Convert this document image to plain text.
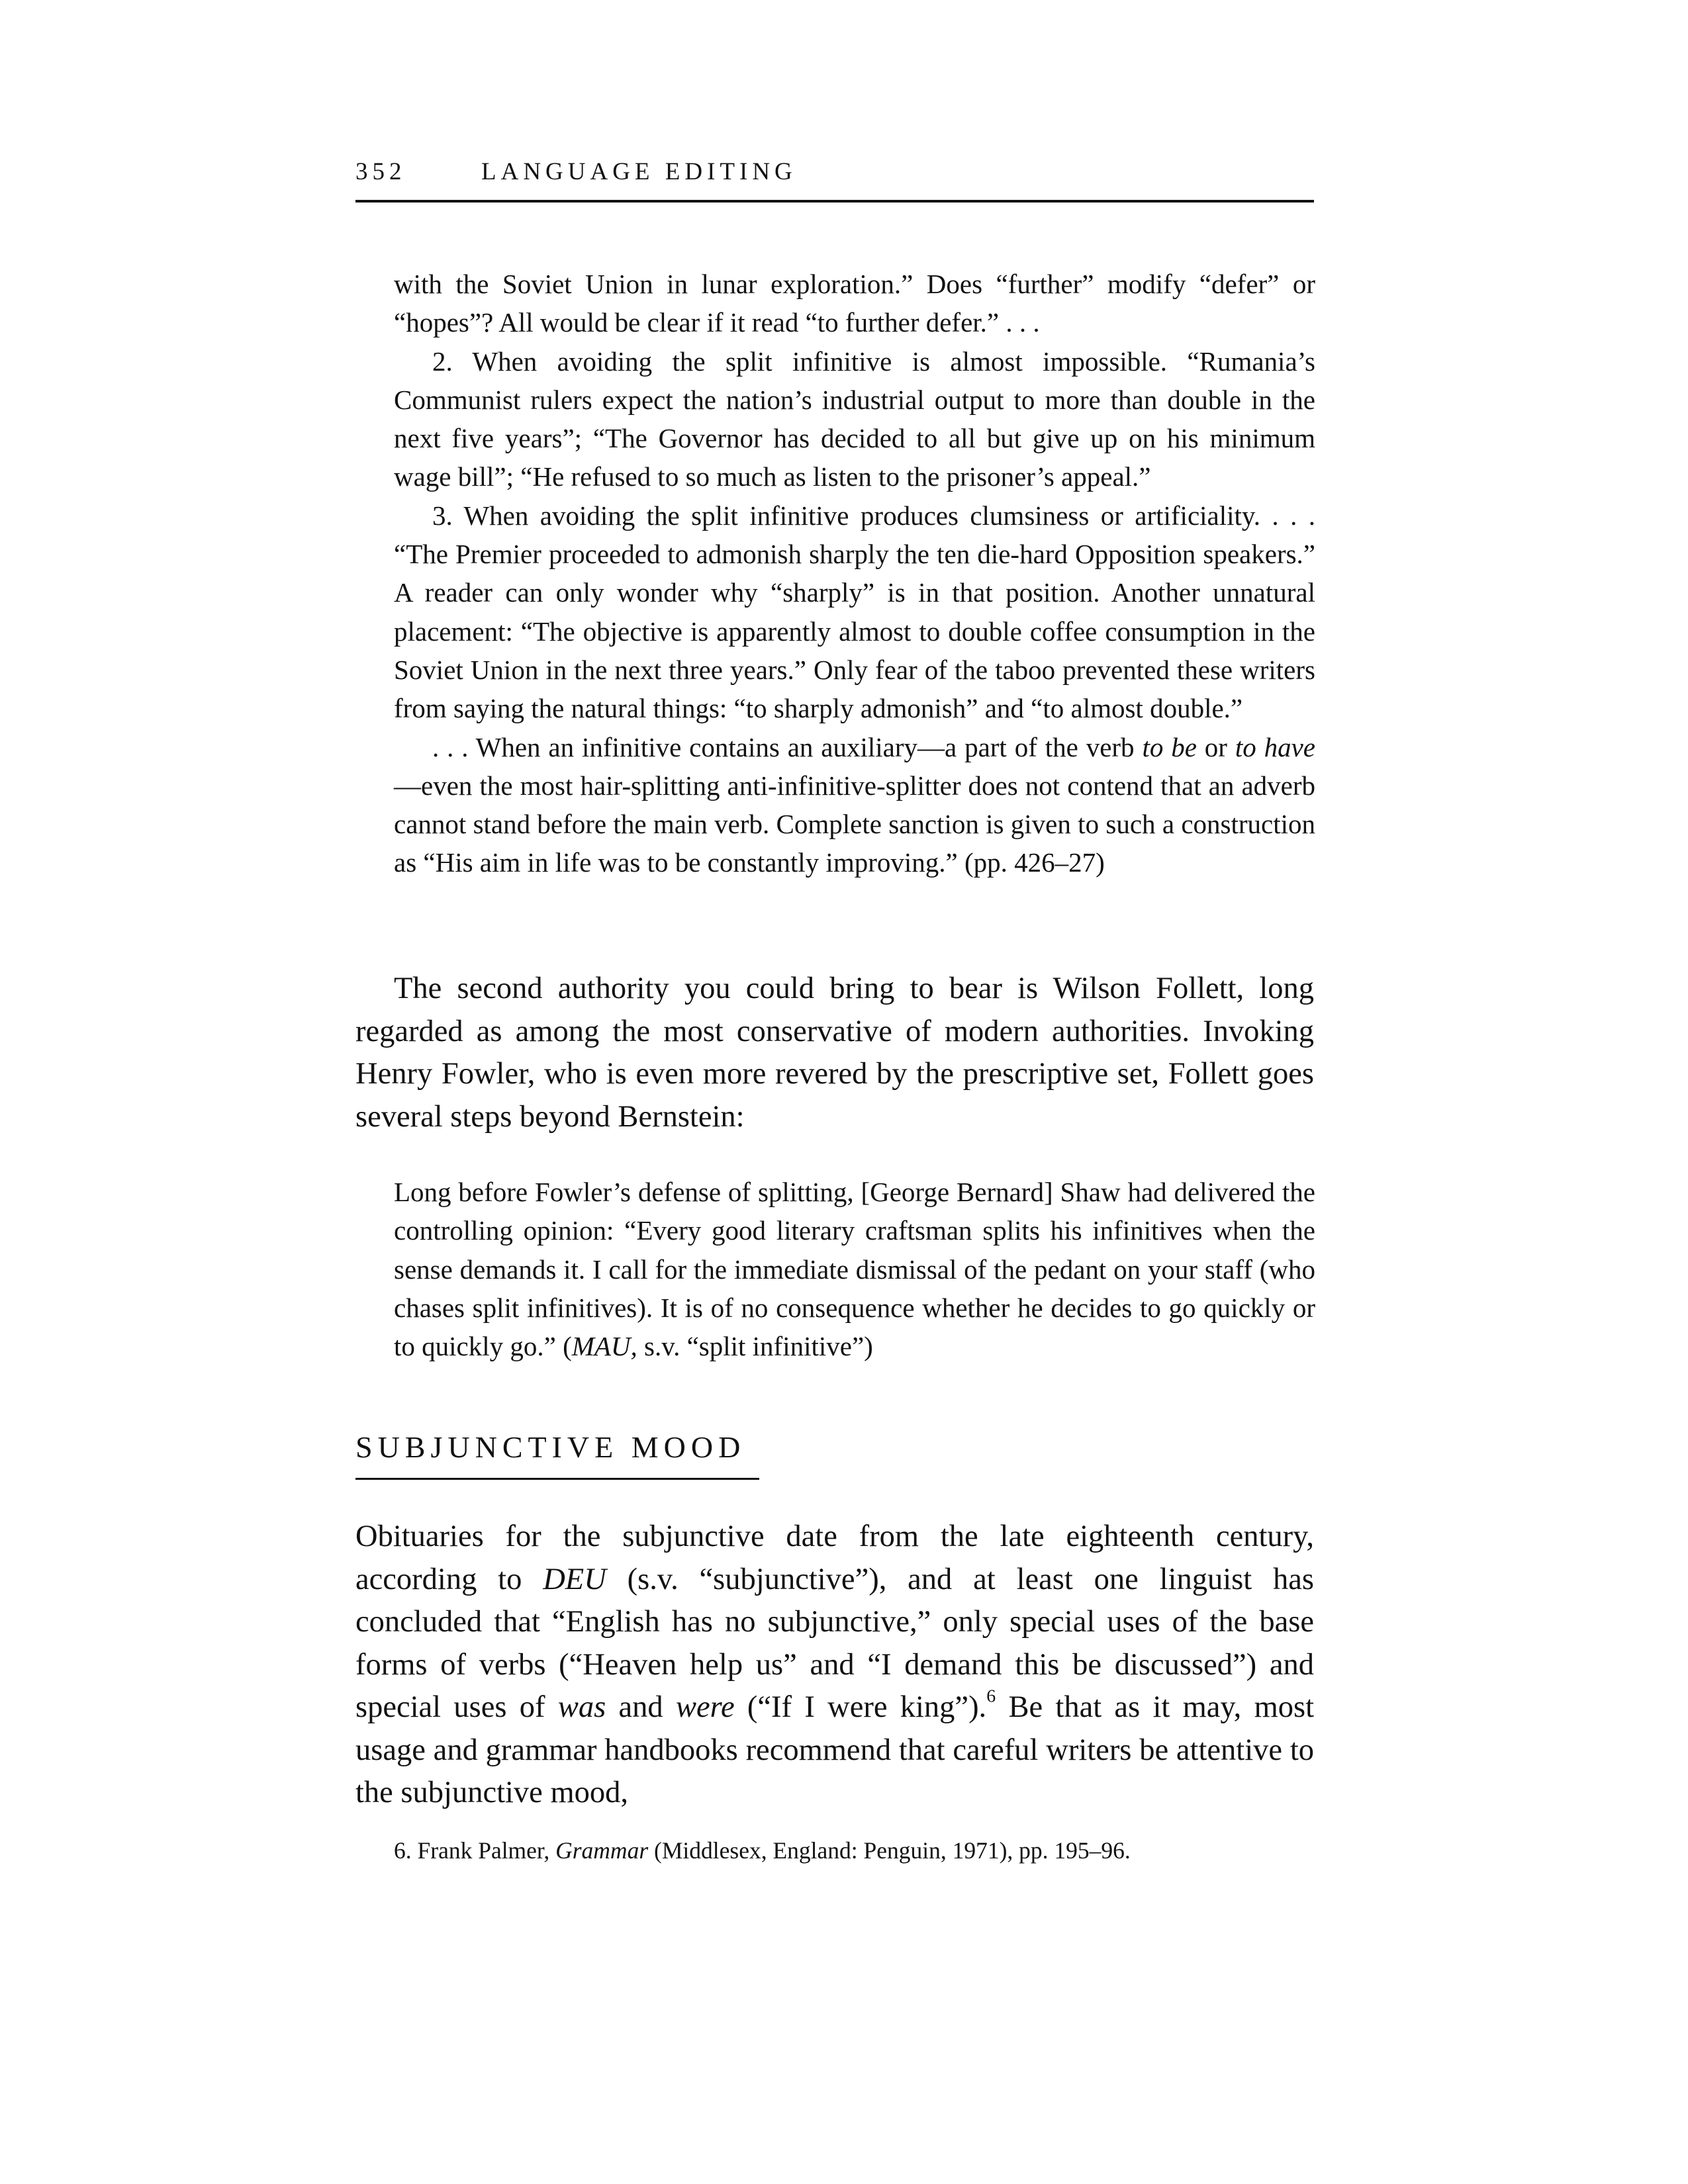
352	LANGUAGE EDITING

with the Soviet Union in lunar exploration.” Does “further” modify “defer” or “hopes”? All would be clear if it read “to further defer.” . . .

2. When avoiding the split infinitive is almost impossible. “Rumania’s Communist rulers expect the nation’s industrial output to more than double in the next five years”; “The Governor has decided to all but give up on his minimum wage bill”; “He refused to so much as listen to the prisoner’s appeal.”

3. When avoiding the split infinitive produces clumsiness or artificiality. . . . “The Premier proceeded to admonish sharply the ten die-hard Opposition speakers.” A reader can only wonder why “sharply” is in that position. Another unnatural placement: “The objective is apparently almost to double coffee consumption in the Soviet Union in the next three years.” Only fear of the taboo prevented these writers from saying the natural things: “to sharply admonish” and “to almost double.”

. . . When an infinitive contains an auxiliary—a part of the verb to be or to have—even the most hair-splitting anti-infinitive-splitter does not contend that an adverb cannot stand before the main verb. Complete sanction is given to such a construction as “His aim in life was to be constantly improving.” (pp. 426–27)

The second authority you could bring to bear is Wilson Follett, long regarded as among the most conservative of modern authorities. Invoking Henry Fowler, who is even more revered by the prescriptive set, Follett goes several steps beyond Bernstein:

Long before Fowler’s defense of splitting, [George Bernard] Shaw had delivered the controlling opinion: “Every good literary craftsman splits his infinitives when the sense demands it. I call for the immediate dismissal of the pedant on your staff (who chases split infinitives). It is of no consequence whether he decides to go quickly or to quickly go.” (MAU, s.v. “split infinitive”)

SUBJUNCTIVE MOOD

Obituaries for the subjunctive date from the late eighteenth century, according to DEU (s.v. “subjunctive”), and at least one linguist has concluded that “English has no subjunctive,” only special uses of the base forms of verbs (“Heaven help us” and “I demand this be discussed”) and special uses of was and were (“If I were king”).$^6$ Be that as it may, most usage and grammar handbooks recommend that careful writers be attentive to the subjunctive mood,

6. Frank Palmer, Grammar (Middlesex, England: Penguin, 1971), pp. 195–96.
